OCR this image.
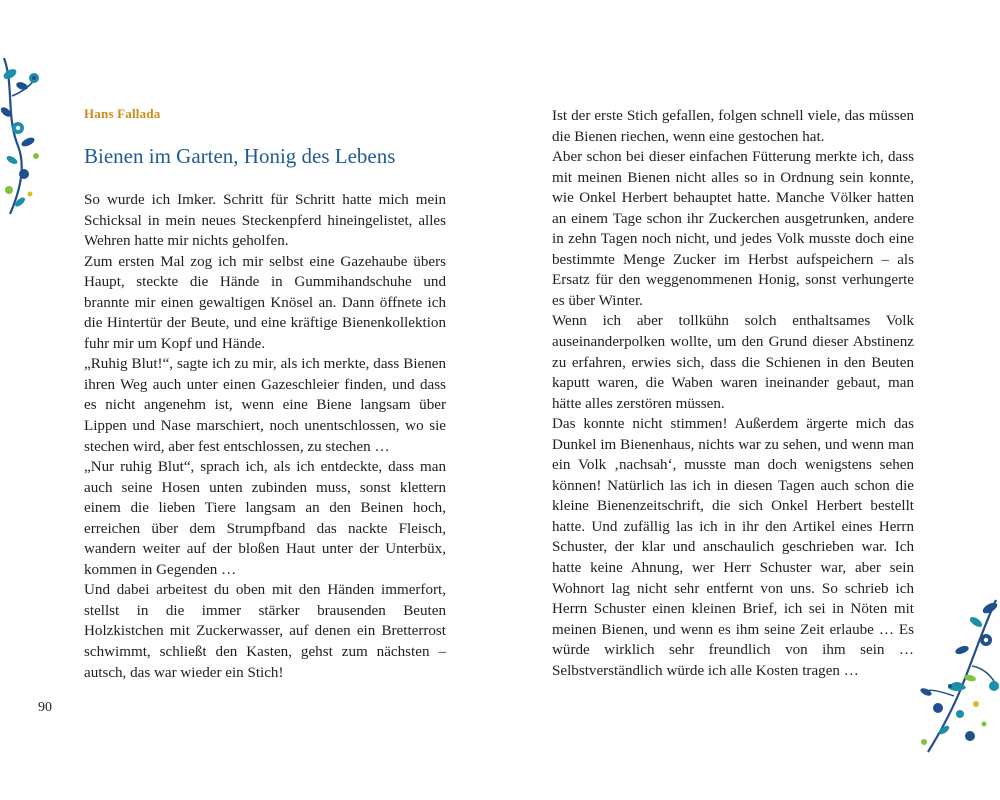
Hans Fallada
Bienen im Garten, Honig des Lebens

So wurde ich Imker. Schritt für Schritt hatte mich mein Schicksal in mein neues Steckenpferd hineingelistet, alles Wehren hatte mir nichts geholfen.

Zum ersten Mal zog ich mir selbst eine Gazehaube übers Haupt, steckte die Hände in Gummihandschuhe und brannte mir einen gewaltigen Knösel an. Dann öffnete ich die Hintertür der Beute, und eine kräftige Bienenkollektion fuhr mir um Kopf und Hände.

„Ruhig Blut!“, sagte ich zu mir, als ich merkte, dass Bienen ihren Weg auch unter einen Gazeschleier finden, und dass es nicht angenehm ist, wenn eine Biene langsam über Lippen und Nase marschiert, noch unentschlossen, wo sie stechen wird, aber fest entschlossen, zu stechen …

„Nur ruhig Blut“, sprach ich, als ich entdeckte, dass man auch seine Hosen unten zubinden muss, sonst klettern einem die lieben Tiere langsam an den Beinen hoch, erreichen über dem Strumpfband das nackte Fleisch, wandern weiter auf der bloßen Haut unter der Unterbüx, kommen in Gegenden …

Und dabei arbeitest du oben mit den Händen immerfort, stellst in die immer stärker brausenden Beuten Holzkistchen mit Zuckerwasser, auf denen ein Bretterrost schwimmt, schließt den Kasten, gehst zum nächsten – autsch, das war wieder ein Stich!

Ist der erste Stich gefallen, folgen schnell viele, das müssen die Bienen riechen, wenn eine gestochen hat.

Aber schon bei dieser einfachen Fütterung merkte ich, dass mit meinen Bienen nicht alles so in Ordnung sein konnte, wie Onkel Herbert behauptet hatte. Manche Völker hatten an einem Tage schon ihr Zuckerchen ausgetrunken, andere in zehn Tagen noch nicht, und jedes Volk musste doch eine bestimmte Menge Zucker im Herbst aufspeichern – als Ersatz für den weggenommenen Honig, sonst verhungerte es über Winter.

Wenn ich aber tollkühn solch enthaltsames Volk auseinanderpolken wollte, um den Grund dieser Abstinenz zu erfahren, erwies sich, dass die Schienen in den Beuten kaputt waren, die Waben waren ineinander gebaut, man hätte alles zerstören müssen.

Das konnte nicht stimmen! Außerdem ärgerte mich das Dunkel im Bienenhaus, nichts war zu sehen, und wenn man ein Volk ‚nachsah‘, musste man doch wenigstens sehen können! Natürlich las ich in diesen Tagen auch schon die kleine Bienenzeitschrift, die sich Onkel Herbert bestellt hatte. Und zufällig las ich in ihr den Artikel eines Herrn Schuster, der klar und anschaulich geschrieben war. Ich hatte keine Ahnung, wer Herr Schuster war, aber sein Wohnort lag nicht sehr entfernt von uns. So schrieb ich Herrn Schuster einen kleinen Brief, ich sei in Nöten mit meinen Bienen, und wenn es ihm seine Zeit erlaube … Es würde wirklich sehr freundlich von ihm sein … Selbstverständlich würde ich alle Kosten tragen …

90
